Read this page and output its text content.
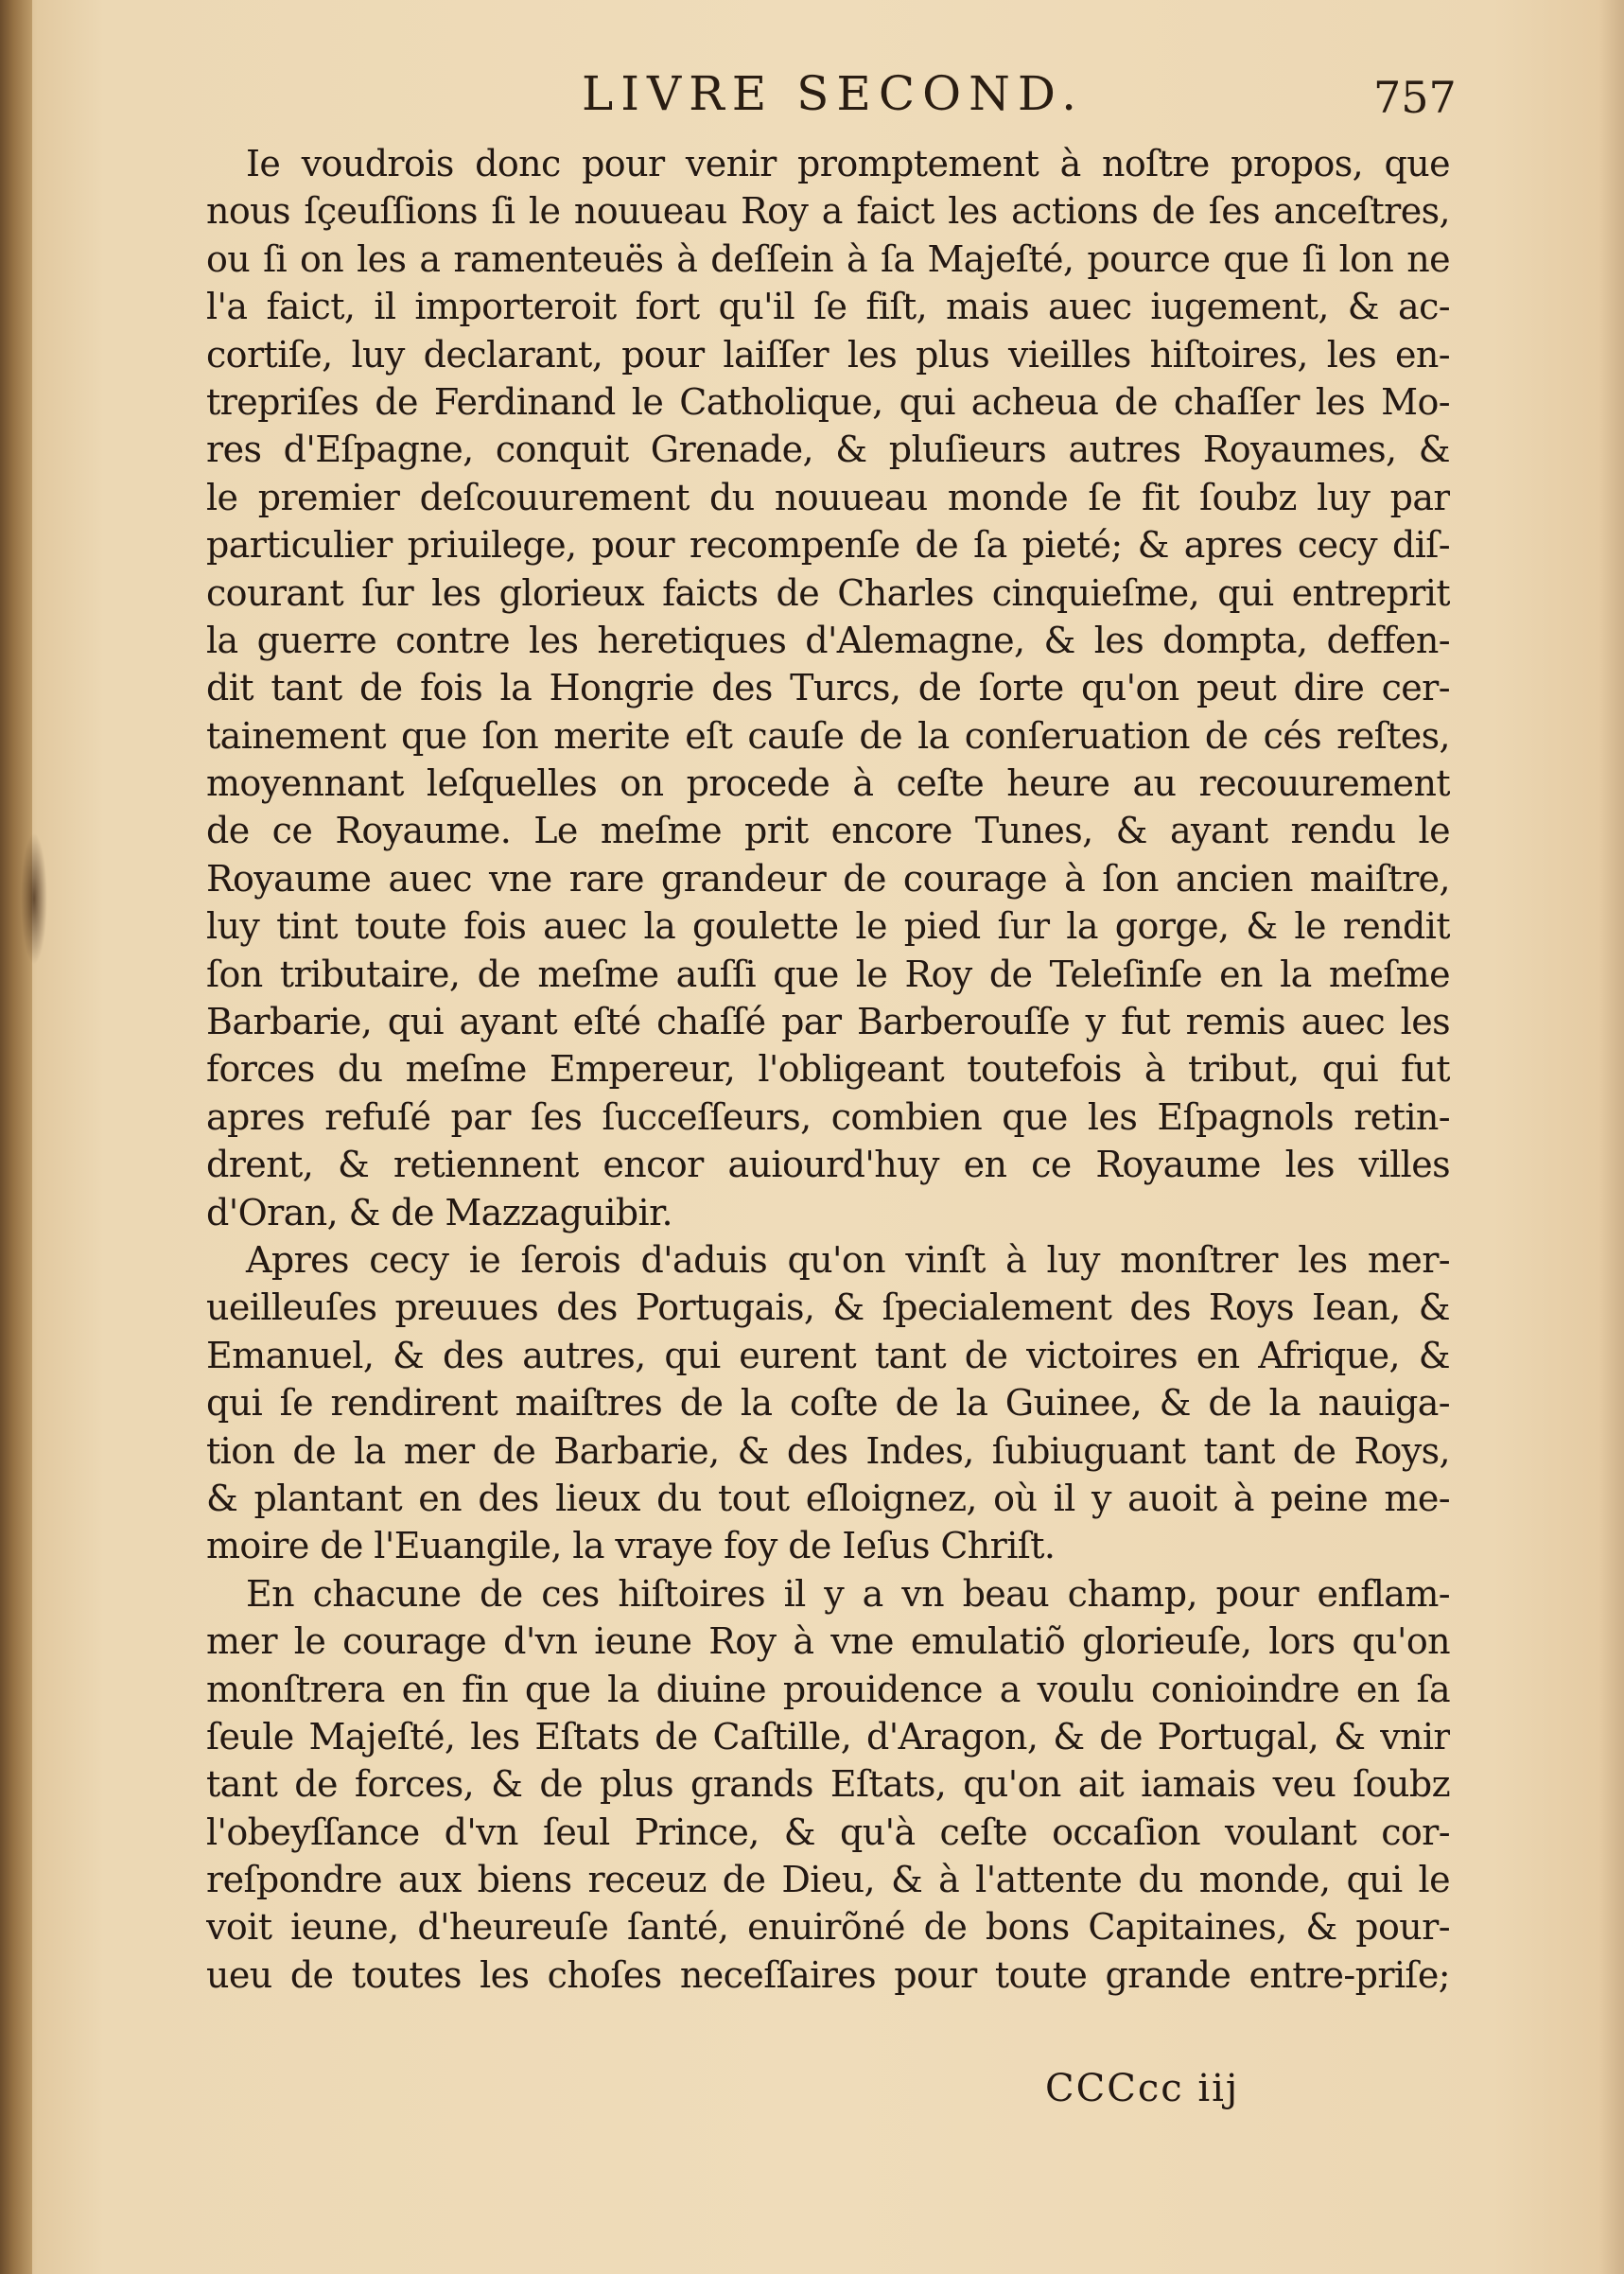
LIVRE SECOND.	757
Ie voudrois donc pour venir promptement à noſtre propos, que
nous ſçeuſſions ſi le nouueau Roy a faict les actions de ſes anceſtres,
ou ſi on les a ramenteuës à deſſein à ſa Majeſté, pource que ſi lon ne
l'a faict, il importeroit fort qu'il ſe fiſt, mais auec iugement, & ac-
cortiſe, luy declarant, pour laiſſer les plus vieilles hiſtoires, les en-
trepriſes de Ferdinand le Catholique, qui acheua de chaſſer les Mo-
res d'Eſpagne, conquit Grenade, & pluſieurs autres Royaumes, &
le premier deſcouurement du nouueau monde ſe fit ſoubz luy par
particulier priuilege, pour recompenſe de ſa pieté; & apres cecy diſ-
courant ſur les glorieux faicts de Charles cinquieſme, qui entreprit
la guerre contre les heretiques d'Alemagne, & les dompta, deffen-
dit tant de fois la Hongrie des Turcs, de ſorte qu'on peut dire cer-
tainement que ſon merite eſt cauſe de la conſeruation de cés reſtes,
moyennant leſquelles on procede à ceſte heure au recouurement
de ce Royaume. Le meſme prit encore Tunes, & ayant rendu le
Royaume auec vne rare grandeur de courage à ſon ancien maiſtre,
luy tint toute fois auec la goulette le pied ſur la gorge, & le rendit
ſon tributaire, de meſme auſſi que le Roy de Teleſinſe en la meſme
Barbarie, qui ayant eſté chaſſé par Barberouſſe y fut remis auec les
forces du meſme Empereur, l'obligeant toutefois à tribut, qui fut
apres refuſé par ſes ſucceſſeurs, combien que les Eſpagnols retin-
drent, & retiennent encor auiourd'huy en ce Royaume les villes
d'Oran, & de Mazzaguibir.
Apres cecy ie ſerois d'aduis qu'on vinſt à luy monſtrer les mer-
ueilleuſes preuues des Portugais, & ſpecialement des Roys Iean, &
Emanuel, & des autres, qui eurent tant de victoires en Afrique, &
qui ſe rendirent maiſtres de la coſte de la Guinee, & de la nauiga-
tion de la mer de Barbarie, & des Indes, ſubiuguant tant de Roys,
& plantant en des lieux du tout eſloignez, où il y auoit à peine me-
moire de l'Euangile, la vraye foy de Ieſus Chriſt.
En chacune de ces hiſtoires il y a vn beau champ, pour enflam-
mer le courage d'vn ieune Roy à vne emulatiõ glorieuſe, lors qu'on
monſtrera en fin que la diuine prouidence a voulu conioindre en ſa
ſeule Majeſté, les Eſtats de Caſtille, d'Aragon, & de Portugal, & vnir
tant de forces, & de plus grands Eſtats, qu'on ait iamais veu ſoubz
l'obeyſſance d'vn ſeul Prince, & qu'à ceſte occaſion voulant cor-
reſpondre aux biens receuz de Dieu, & à l'attente du monde, qui le
voit ieune, d'heureuſe ſanté, enuirõné de bons Capitaines, & pour-
ueu de toutes les choſes neceſſaires pour toute grande entre-priſe;
CCCcc iij
